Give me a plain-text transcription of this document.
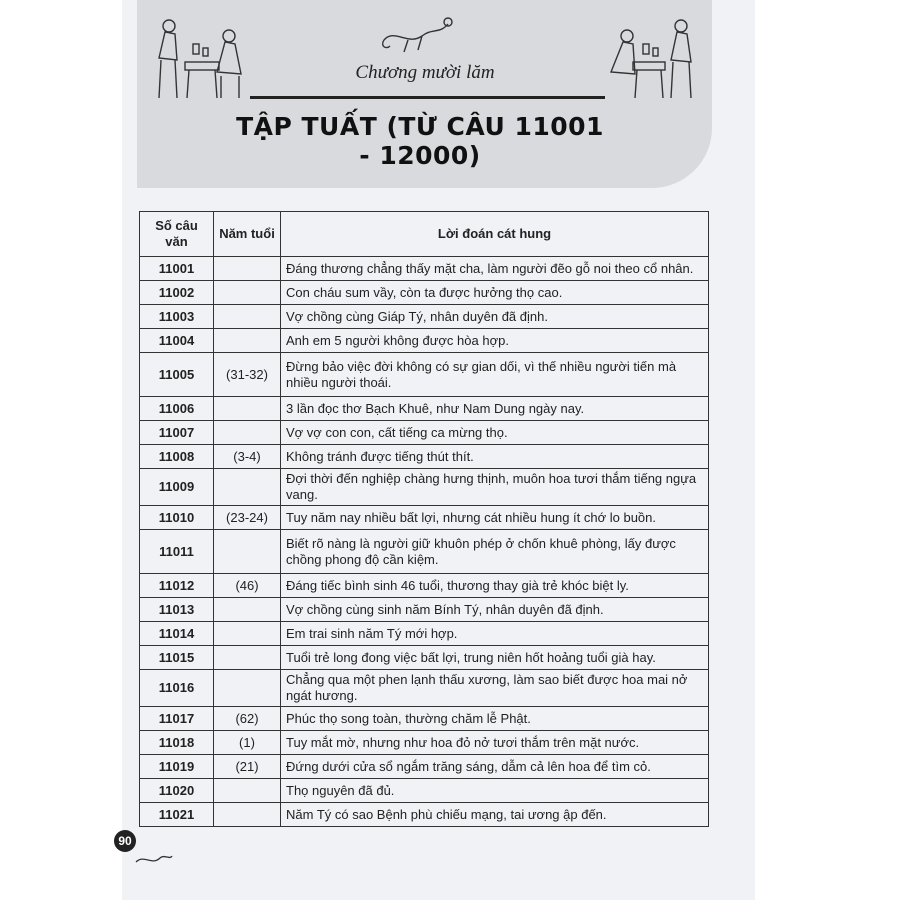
Chương mười lăm
TẬP TUẤT (TỪ CÂU 11001 - 12000)
Số câu văn	Năm tuổi	Lời đoán cát hung
11001		Đáng thương chẳng thấy mặt cha, làm người đẽo gỗ noi theo cổ nhân.
11002		Con cháu sum vầy, còn ta được hưởng thọ cao.
11003		Vợ chồng cùng Giáp Tý, nhân duyên đã định.
11004		Anh em 5 người không được hòa hợp.
11005	(31-32)	Đừng bảo việc đời không có sự gian dối, vì thế nhiều người tiến mà nhiều người thoái.
11006		3 lần đọc thơ Bạch Khuê, như Nam Dung ngày nay.
11007		Vợ vợ con con, cất tiếng ca mừng thọ.
11008	(3-4)	Không tránh được tiếng thút thít.
11009		Đợi thời đến nghiệp chàng hưng thịnh, muôn hoa tươi thắm tiếng ngựa vang.
11010	(23-24)	Tuy năm nay nhiều bất lợi, nhưng cát nhiều hung ít chớ lo buồn.
11011		Biết rõ nàng là người giữ khuôn phép ở chốn khuê phòng, lấy được chồng phong độ cần kiệm.
11012	(46)	Đáng tiếc bình sinh 46 tuổi, thương thay già trẻ khóc biệt ly.
11013		Vợ chồng cùng sinh năm Bính Tý, nhân duyên đã định.
11014		Em trai sinh năm Tý mới hợp.
11015		Tuổi trẻ long đong việc bất lợi, trung niên hốt hoảng tuổi già hay.
11016		Chẳng qua một phen lạnh thấu xương, làm sao biết được hoa mai nở ngát hương.
11017	(62)	Phúc thọ song toàn, thường chăm lễ Phật.
11018	(1)	Tuy mắt mờ, nhưng như hoa đỏ nở tươi thắm trên mặt nước.
11019	(21)	Đứng dưới cửa sổ ngắm trăng sáng, dẫm cả lên hoa để tìm cỏ.
11020		Thọ nguyên đã đủ.
11021		Năm Tý có sao Bệnh phù chiếu mạng, tai ương ập đến.
90
